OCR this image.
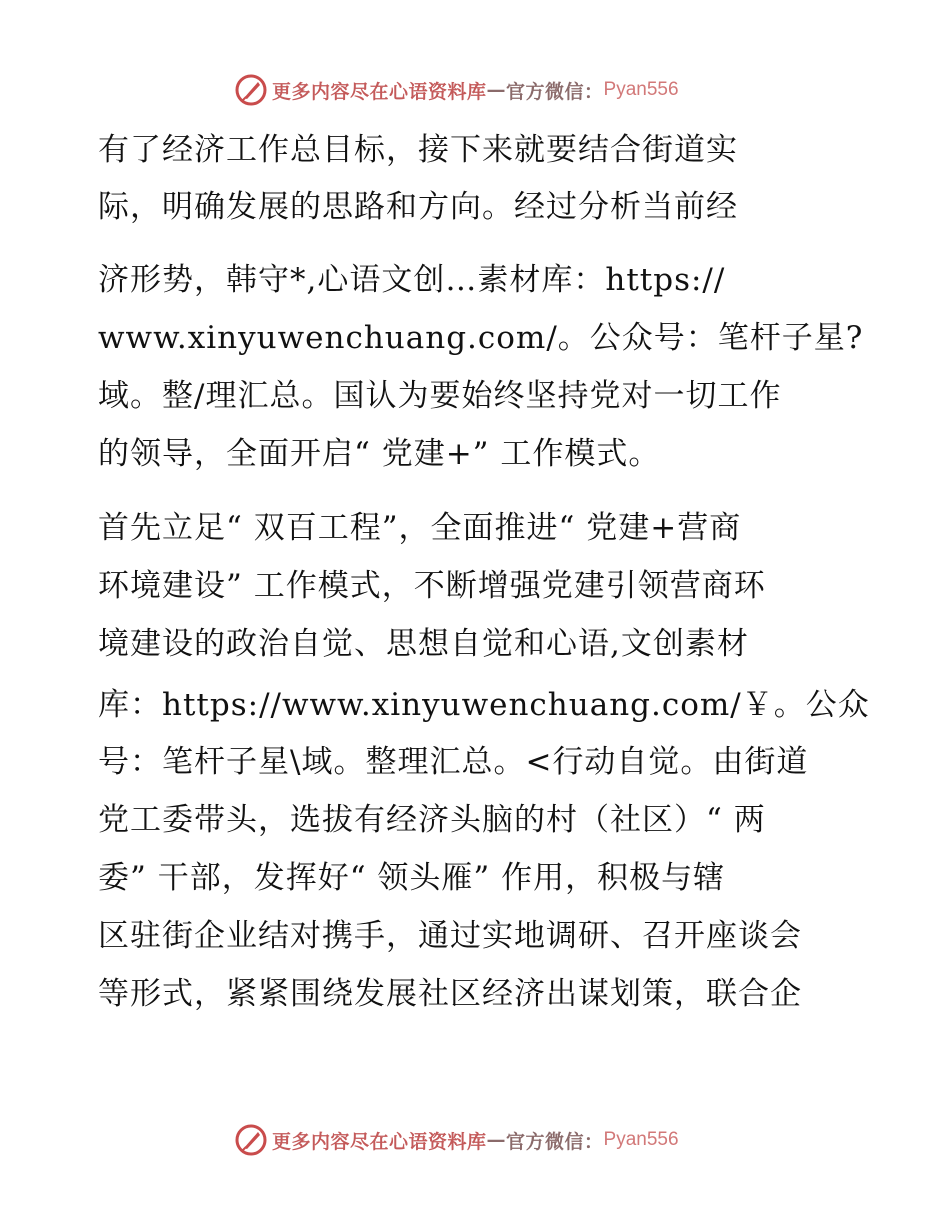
更多内容尽在心语资料库 — 官方微信： Pyan556
有了经济工作总目标，接下来就要结合街道实
际，明确发展的思路和方向。经过分析当前经
济形势，韩守*,心语文创…素材库：https://
www.xinyuwenchuang.com/。公众号：笔杆子星?
域。整/理汇总。国认为要始终坚持党对一切工作
的领导，全面开启“ 党建+” 工作模式。
首先立足“ 双百工程”，全面推进“ 党建+营商
环境建设” 工作模式，不断增强党建引领营商环
境建设的政治自觉、思想自觉和心语,文创素材
库：https://www.xinyuwenchuang.com/￥。公众
号：笔杆子星\域。整理汇总。<行动自觉。由街道
党工委带头，选拔有经济头脑的村（社区）“ 两
委” 干部，发挥好“ 领头雁” 作用，积极与辖
区驻街企业结对携手，通过实地调研、召开座谈会
等形式，紧紧围绕发展社区经济出谋划策，联合企
更多内容尽在心语资料库 — 官方微信： Pyan556
